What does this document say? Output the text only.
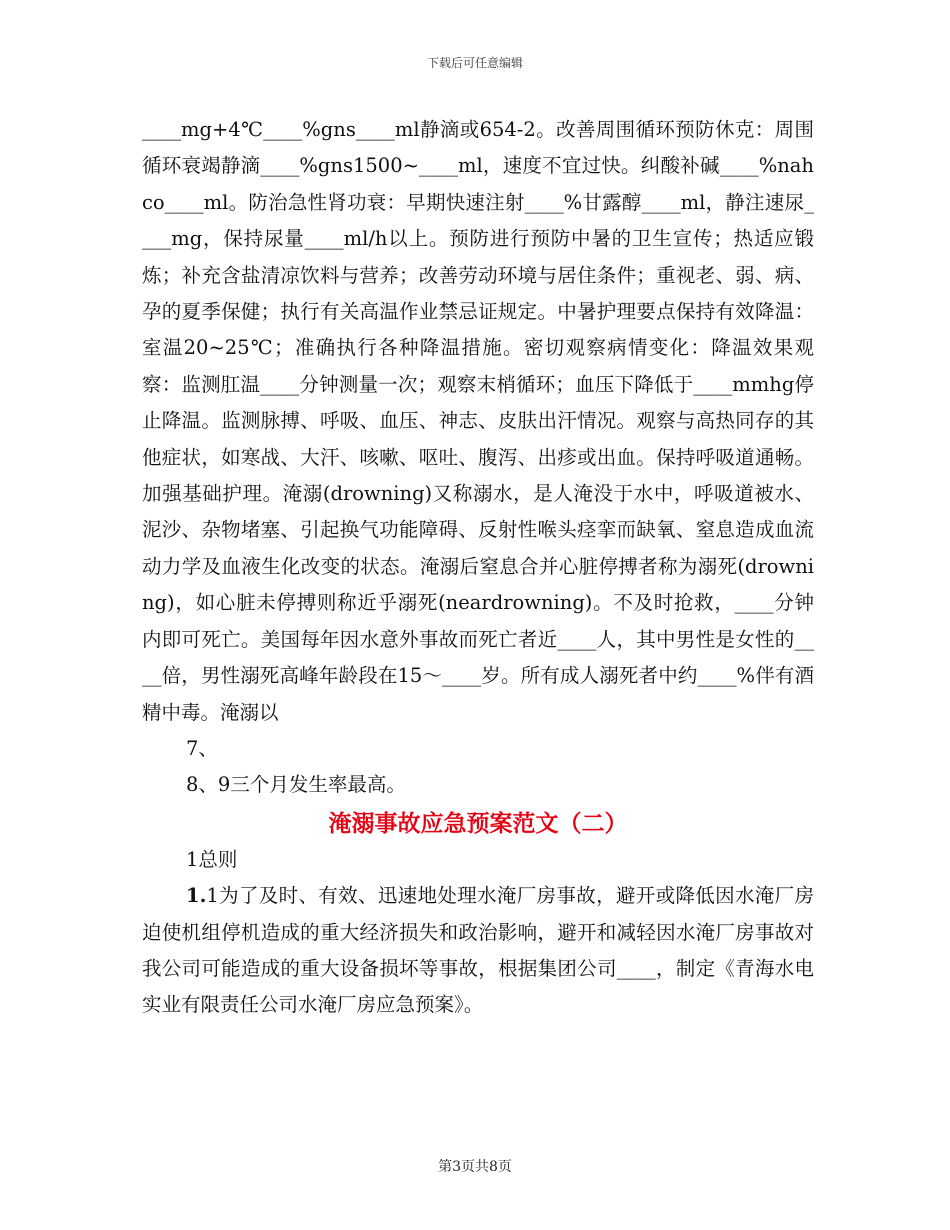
下载后可任意编辑

____mg+4℃____%gns____ml静滴或654-2。改善周围循环预防休克：周围循环衰竭静滴____%gns1500~____ml，速度不宜过快。纠酸补碱____%nahco____ml。防治急性肾功衰：早期快速注射____%甘露醇____ml，静注速尿____mg，保持尿量____ml/h以上。预防进行预防中暑的卫生宣传；热适应锻炼；补充含盐清凉饮料与营养；改善劳动环境与居住条件；重视老、弱、病、孕的夏季保健；执行有关高温作业禁忌证规定。中暑护理要点保持有效降温：室温20~25℃；准确执行各种降温措施。密切观察病情变化：降温效果观察：监测肛温____分钟测量一次；观察末梢循环；血压下降低于____mmhg停止降温。监测脉搏、呼吸、血压、神志、皮肤出汗情况。观察与高热同存的其他症状，如寒战、大汗、咳嗽、呕吐、腹泻、出疹或出血。保持呼吸道通畅。加强基础护理。淹溺(drowning)又称溺水，是人淹没于水中，呼吸道被水、泥沙、杂物堵塞、引起换气功能障碍、反射性喉头痉挛而缺氧、窒息造成血流动力学及血液生化改变的状态。淹溺后窒息合并心脏停搏者称为溺死(drowning)，如心脏未停搏则称近乎溺死(neardrowning)。不及时抢救，____分钟内即可死亡。美国每年因水意外事故而死亡者近____人，其中男性是女性的____倍，男性溺死高峰年龄段在15～____岁。所有成人溺死者中约____%伴有酒精中毒。淹溺以

7、

8、9三个月发生率最高。

淹溺事故应急预案范文（二）

1总则

1.1为了及时、有效、迅速地处理水淹厂房事故，避开或降低因水淹厂房迫使机组停机造成的重大经济损失和政治影响，避开和减轻因水淹厂房事故对我公司可能造成的重大设备损坏等事故，根据集团公司____，制定《青海水电实业有限责任公司水淹厂房应急预案》。

第3页共8页
